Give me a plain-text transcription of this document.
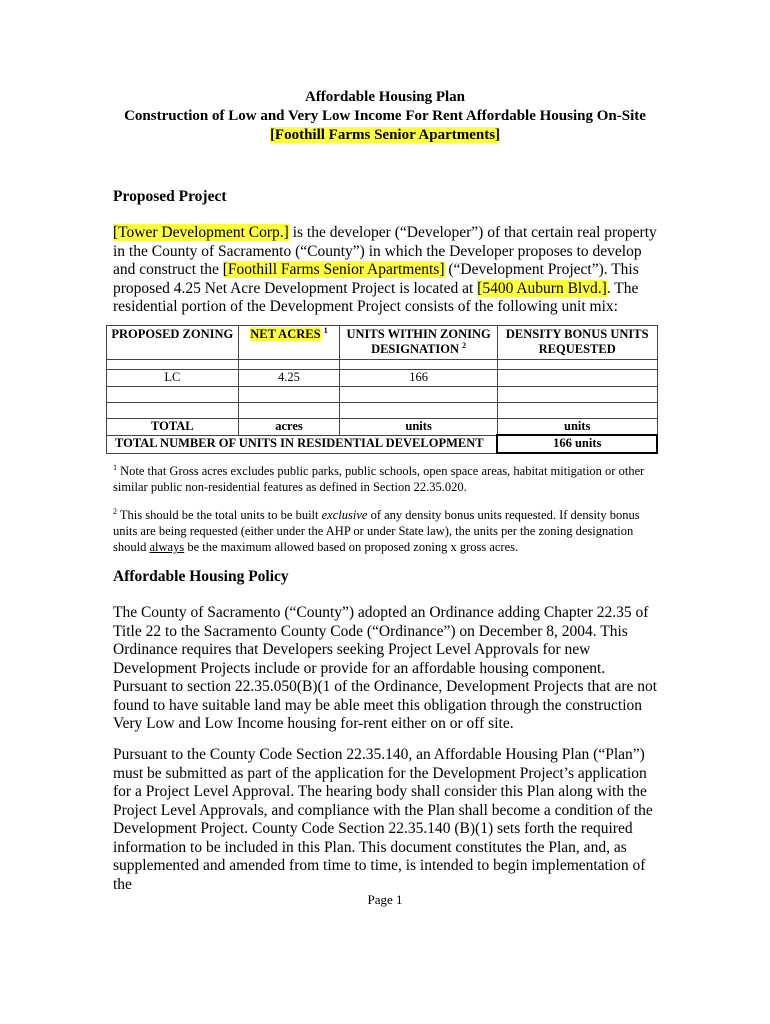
Affordable Housing Plan
Construction of Low and Very Low Income For Rent Affordable Housing On-Site
[Foothill Farms Senior Apartments]
Proposed Project
[Tower Development Corp.] is the developer (“Developer”) of that certain real property in the County of Sacramento (“County”) in which the Developer proposes to develop and construct the [Foothill Farms Senior Apartments] (“Development Project”). This proposed 4.25 Net Acre Development Project is located at [5400 Auburn Blvd.]. The residential portion of the Development Project consists of the following unit mix:
PROPOSED ZONING	NET ACRES $^1$	UNITS WITHIN ZONING DESIGNATION $^2$	DENSITY BONUS UNITS REQUESTED

LC	4.25	166	

TOTAL	acres	units	units
TOTAL NUMBER OF UNITS IN RESIDENTIAL DEVELOPMENT			166 units
$^1$ Note that Gross acres excludes public parks, public schools, open space areas, habitat mitigation or other similar public non-residential features as defined in Section 22.35.020.
$^2$ This should be the total units to be built exclusive of any density bonus units requested. If density bonus units are being requested (either under the AHP or under State law), the units per the zoning designation should always be the maximum allowed based on proposed zoning x gross acres.
Affordable Housing Policy
The County of Sacramento (“County”) adopted an Ordinance adding Chapter 22.35 of Title 22 to the Sacramento County Code (“Ordinance”) on December 8, 2004. This Ordinance requires that Developers seeking Project Level Approvals for new Development Projects include or provide for an affordable housing component. Pursuant to section 22.35.050(B)(1 of the Ordinance, Development Projects that are not found to have suitable land may be able meet this obligation through the construction Very Low and Low Income housing for-rent either on or off site.
Pursuant to the County Code Section 22.35.140, an Affordable Housing Plan (“Plan”) must be submitted as part of the application for the Development Project’s application for a Project Level Approval. The hearing body shall consider this Plan along with the Project Level Approvals, and compliance with the Plan shall become a condition of the Development Project. County Code Section 22.35.140 (B)(1) sets forth the required information to be included in this Plan. This document constitutes the Plan, and, as supplemented and amended from time to time, is intended to begin implementation of the
Page 1
